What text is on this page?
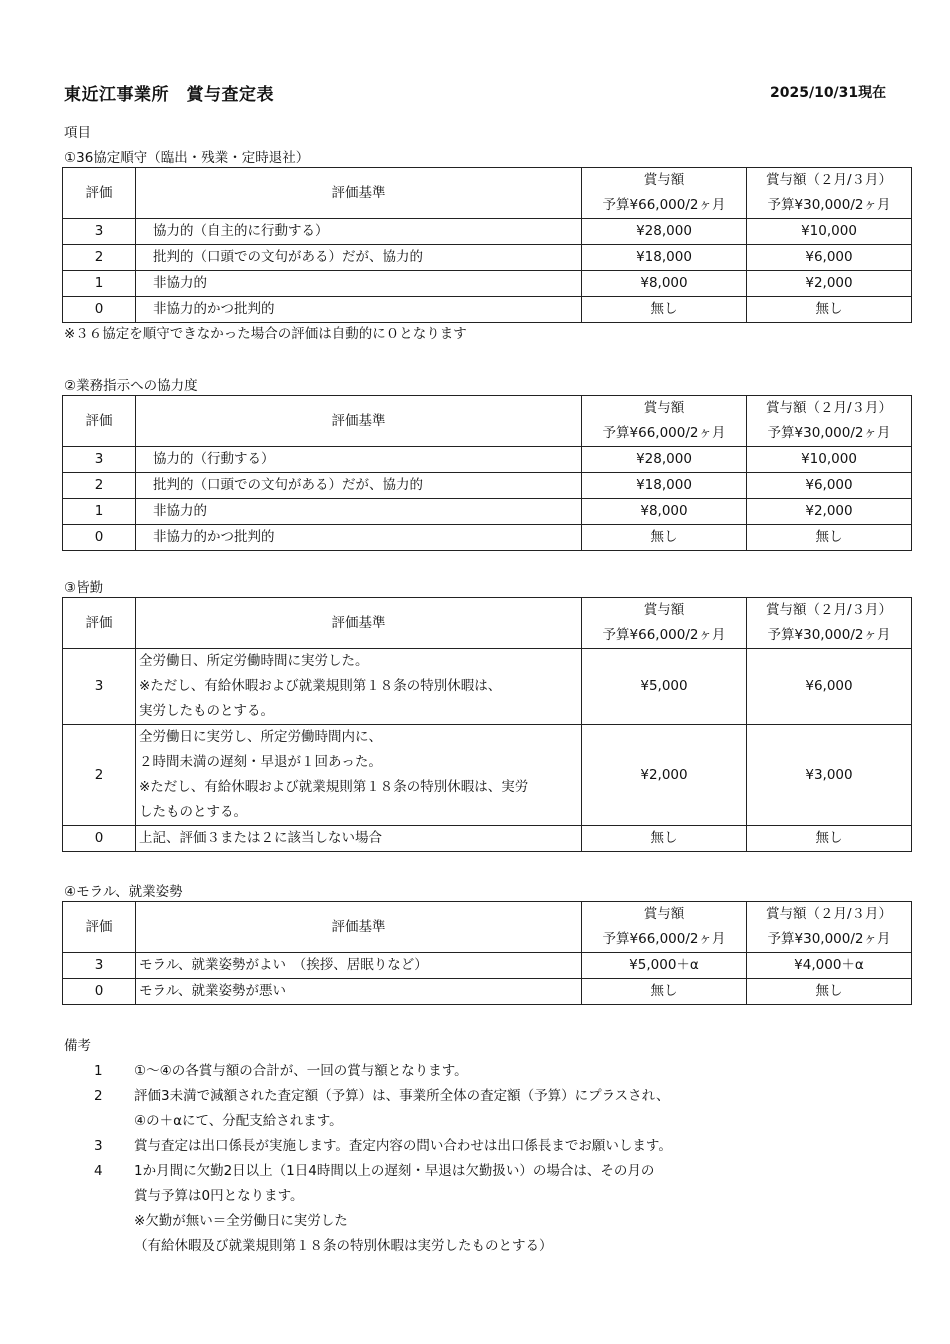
東近江事業所　賞与査定表	2025/10/31現在
項目
①36協定順守（臨出・残業・定時退社）
評価	評価基準	賞与額	賞与額（２月/３月）
		予算¥66,000/2ヶ月	予算¥30,000/2ヶ月
3	協力的（自主的に行動する）	¥28,000	¥10,000
2	批判的（口頭での文句がある）だが、協力的	¥18,000	¥6,000
1	非協力的	¥8,000	¥2,000
0	非協力的かつ批判的	無し	無し
※３６協定を順守できなかった場合の評価は自動的に０となります
②業務指示への協力度
評価	評価基準	賞与額	賞与額（２月/３月）
		予算¥66,000/2ヶ月	予算¥30,000/2ヶ月
3	協力的（行動する）	¥28,000	¥10,000
2	批判的（口頭での文句がある）だが、協力的	¥18,000	¥6,000
1	非協力的	¥8,000	¥2,000
0	非協力的かつ批判的	無し	無し
③皆勤
評価	評価基準	賞与額	賞与額（２月/３月）
		予算¥66,000/2ヶ月	予算¥30,000/2ヶ月
3	全労働日、所定労働時間に実労した。
※ただし、有給休暇および就業規則第１８条の特別休暇は、
実労したものとする。	¥5,000	¥6,000
2	全労働日に実労し、所定労働時間内に、
２時間未満の遅刻・早退が１回あった。
※ただし、有給休暇および就業規則第１８条の特別休暇は、実労
したものとする。	¥2,000	¥3,000
0	上記、評価３または２に該当しない場合	無し	無し
④モラル、就業姿勢
評価	評価基準	賞与額	賞与額（２月/３月）
		予算¥66,000/2ヶ月	予算¥30,000/2ヶ月
3	モラル、就業姿勢がよい　（挨拶、居眠りなど）	¥5,000＋α	¥4,000＋α
0	モラル、就業姿勢が悪い	無し	無し
備考
1	①～④の各賞与額の合計が、一回の賞与額となります。
2	評価3未満で減額された査定額（予算）は、事業所全体の査定額（予算）にプラスされ、
④の＋αにて、分配支給されます。
3	賞与査定は出口係長が実施します。査定内容の問い合わせは出口係長までお願いします。
4	1か月間に欠勤2日以上（1日4時間以上の遅刻・早退は欠勤扱い）の場合は、その月の
賞与予算は0円となります。
※欠勤が無い＝全労働日に実労した
（有給休暇及び就業規則第１８条の特別休暇は実労したものとする）
